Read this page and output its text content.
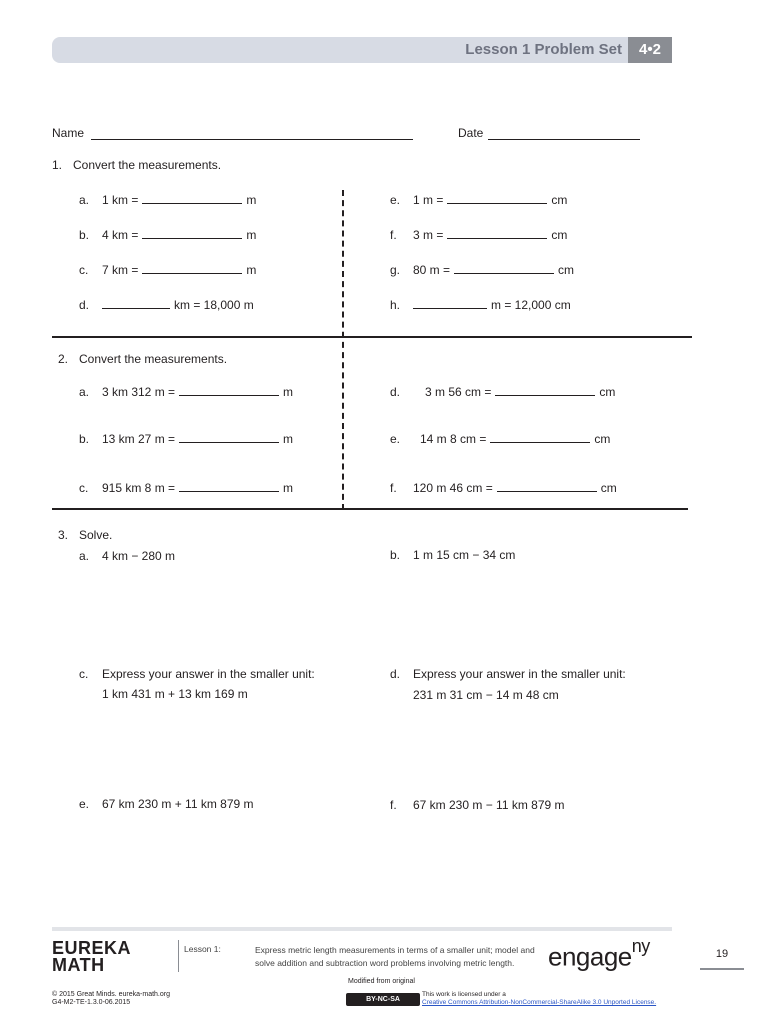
Lesson 1 Problem Set	4•2
Name	Date
1. Convert the measurements.
a. 1 km =	m
b. 4 km =	m
c. 7 km =	m
d.	km = 18,000 m
e. 1 m =	cm
f. 3 m =	cm
g. 80 m =	cm
h.	m = 12,000 cm
2. Convert the measurements.
a. 3 km 312 m =	m
b. 13 km 27 m =	m
c. 915 km 8 m =	m
d. 3 m 56 cm =	cm
e. 14 m 8 cm =	cm
f. 120 m 46 cm =	cm
3. Solve.
a. 4 km − 280 m	b. 1 m 15 cm − 34 cm
c. Express your answer in the smaller unit:
1 km 431 m + 13 km 169 m
d. Express your answer in the smaller unit:
231 m 31 cm − 14 m 48 cm
e. 67 km 230 m + 11 km 879 m	f. 67 km 230 m − 11 km 879 m
EUREKA
MATH
© 2015 Great Minds. eureka-math.org
G4-M2-TE-1.3.0-06.2015
Lesson 1:	Express metric length measurements in terms of a smaller unit; model and solve addition and subtraction word problems involving metric length.	engage$^{ny}$	19
Modified from original
BY-NC-SA
This work is licensed under a
Creative Commons Attribution-NonCommercial-ShareAlike 3.0 Unported License.
